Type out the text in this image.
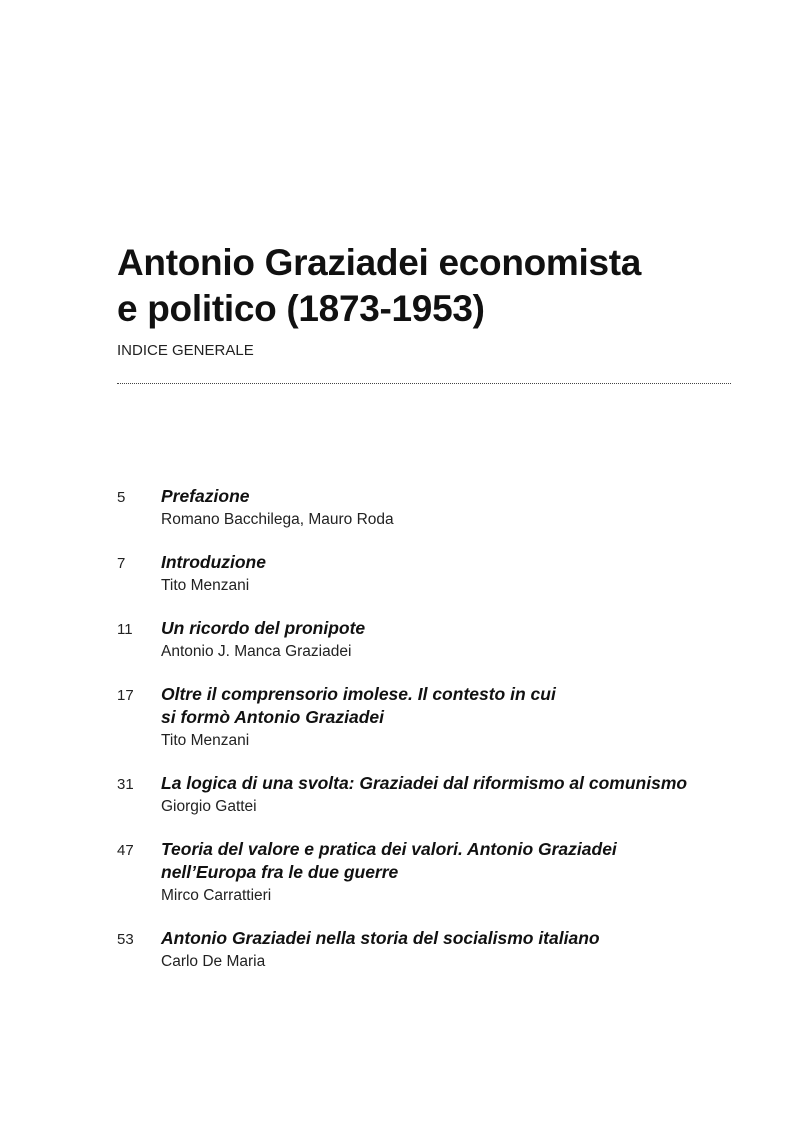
Antonio Graziadei economista
e politico (1873-1953)
INDICE GENERALE
5	Prefazione
Romano Bacchilega, Mauro Roda
7	Introduzione
Tito Menzani
11	Un ricordo del pronipote
Antonio J. Manca Graziadei
17	Oltre il comprensorio imolese. Il contesto in cui
si formò Antonio Graziadei
Tito Menzani
31	La logica di una svolta: Graziadei dal riformismo al comunismo
Giorgio Gattei
47	Teoria del valore e pratica dei valori. Antonio Graziadei
nell’Europa fra le due guerre
Mirco Carrattieri
53	Antonio Graziadei nella storia del socialismo italiano
Carlo De Maria
